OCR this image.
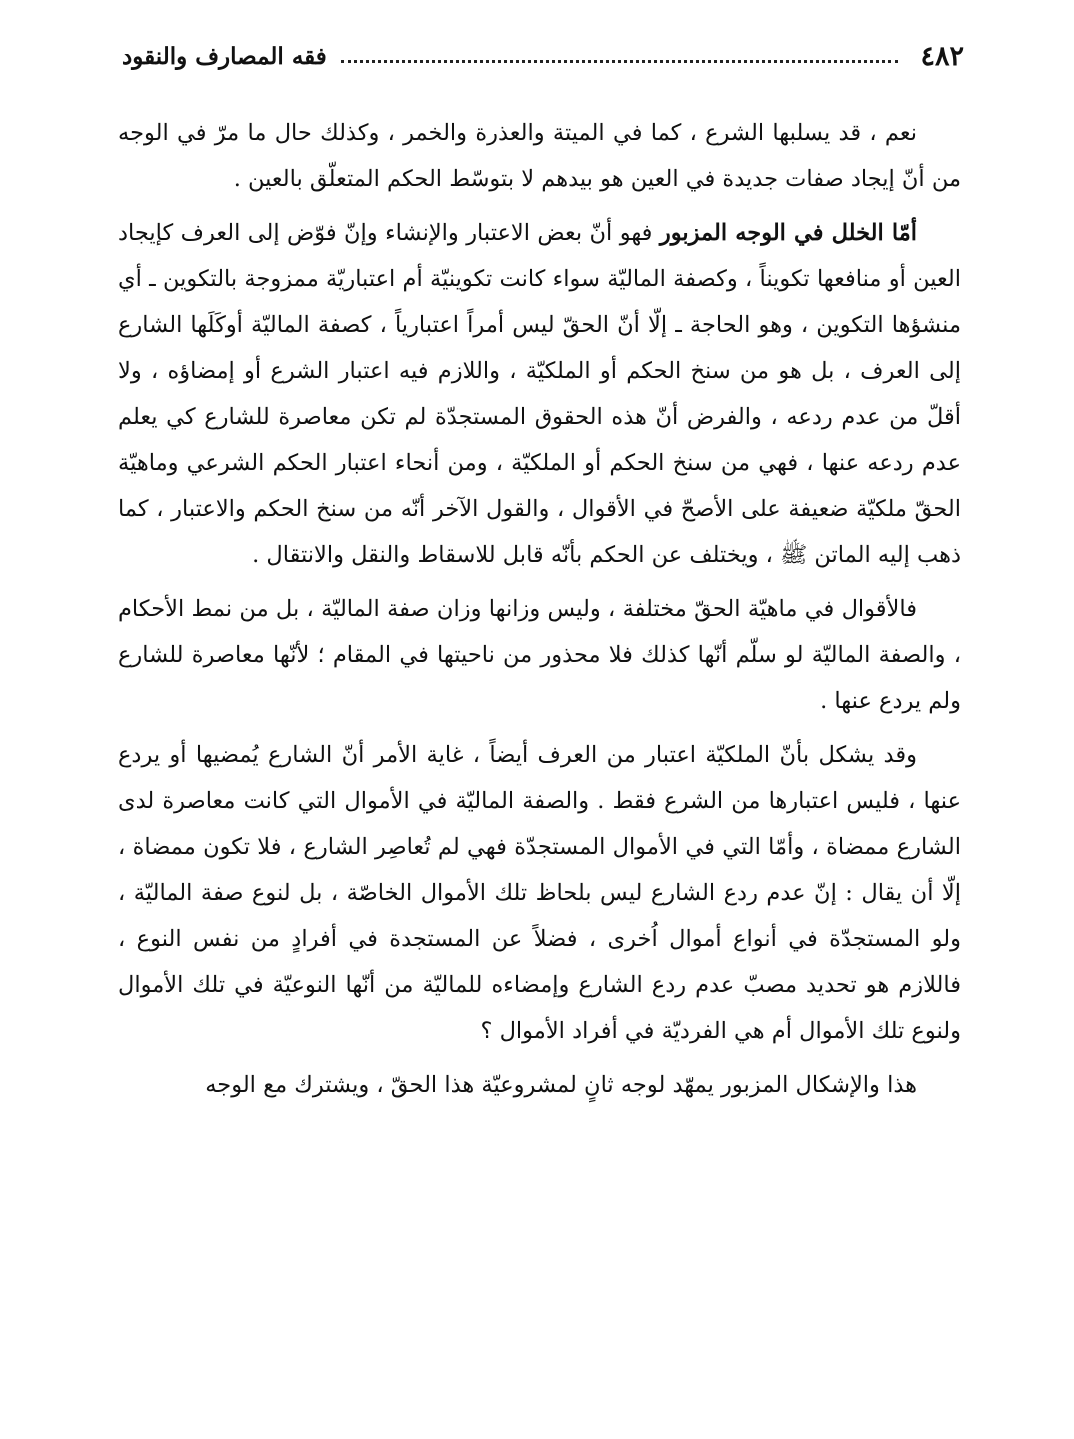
٤٨٢
فقه المصارف والنقود

نعم ، قد يسلبها الشرع ، كما في الميتة والعذرة والخمر ، وكذلك حال ما مرّ في الوجه من أنّ إيجاد صفات جديدة في العين هو بيدهم لا بتوسّط الحكم المتعلّق بالعين .

أمّا الخلل في الوجه المزبور فهو أنّ بعض الاعتبار والإنشاء وإنّ فوّض إلى العرف كإيجاد العين أو منافعها تكويناً ، وكصفة الماليّة سواء كانت تكوينيّة أم اعتباريّة ممزوجة بالتكوين ـ أي منشؤها التكوين ، وهو الحاجة ـ إلّا أنّ الحقّ ليس أمراً اعتبارياً ، كصفة الماليّة أوكَلَها الشارع إلى العرف ، بل هو من سنخ الحكم أو الملكيّة ، واللازم فيه اعتبار الشرع أو إمضاؤه ، ولا أقلّ من عدم ردعه ، والفرض أنّ هذه الحقوق المستجدّة لم تكن معاصرة للشارع كي يعلم عدم ردعه عنها ، فهي من سنخ الحكم أو الملكيّة ، ومن أنحاء اعتبار الحكم الشرعي وماهيّة الحقّ ملكيّة ضعيفة على الأصحّ في الأقوال ، والقول الآخر أنّه من سنخ الحكم والاعتبار ، كما ذهب إليه الماتن ﷺ ، ويختلف عن الحكم بأنّه قابل للاسقاط والنقل والانتقال .

فالأقوال في ماهيّة الحقّ مختلفة ، وليس وزانها وزان صفة الماليّة ، بل من نمط الأحكام ، والصفة الماليّة لو سلّم أنّها كذلك فلا محذور من ناحيتها في المقام ؛ لأنّها معاصرة للشارع ولم يردع عنها .

وقد يشكل بأنّ الملكيّة اعتبار من العرف أيضاً ، غاية الأمر أنّ الشارع يُمضيها أو يردع عنها ، فليس اعتبارها من الشرع فقط . والصفة الماليّة في الأموال التي كانت معاصرة لدى الشارع ممضاة ، وأمّا التي في الأموال المستجدّة فهي لم تُعاصِر الشارع ، فلا تكون ممضاة ، إلّا أن يقال : إنّ عدم ردع الشارع ليس بلحاظ تلك الأموال الخاصّة ، بل لنوع صفة الماليّة ، ولو المستجدّة في أنواع أموال اُخرى ، فضلاً عن المستجدة في أفرادٍ من نفس النوع ، فاللازم هو تحديد مصبّ عدم ردع الشارع وإمضاءه للماليّة من أنّها النوعيّة في تلك الأموال ولنوع تلك الأموال أم هي الفرديّة في أفراد الأموال ؟

هذا والإشكال المزبور يمهّد لوجه ثانٍ لمشروعيّة هذا الحقّ ، ويشترك مع الوجه
